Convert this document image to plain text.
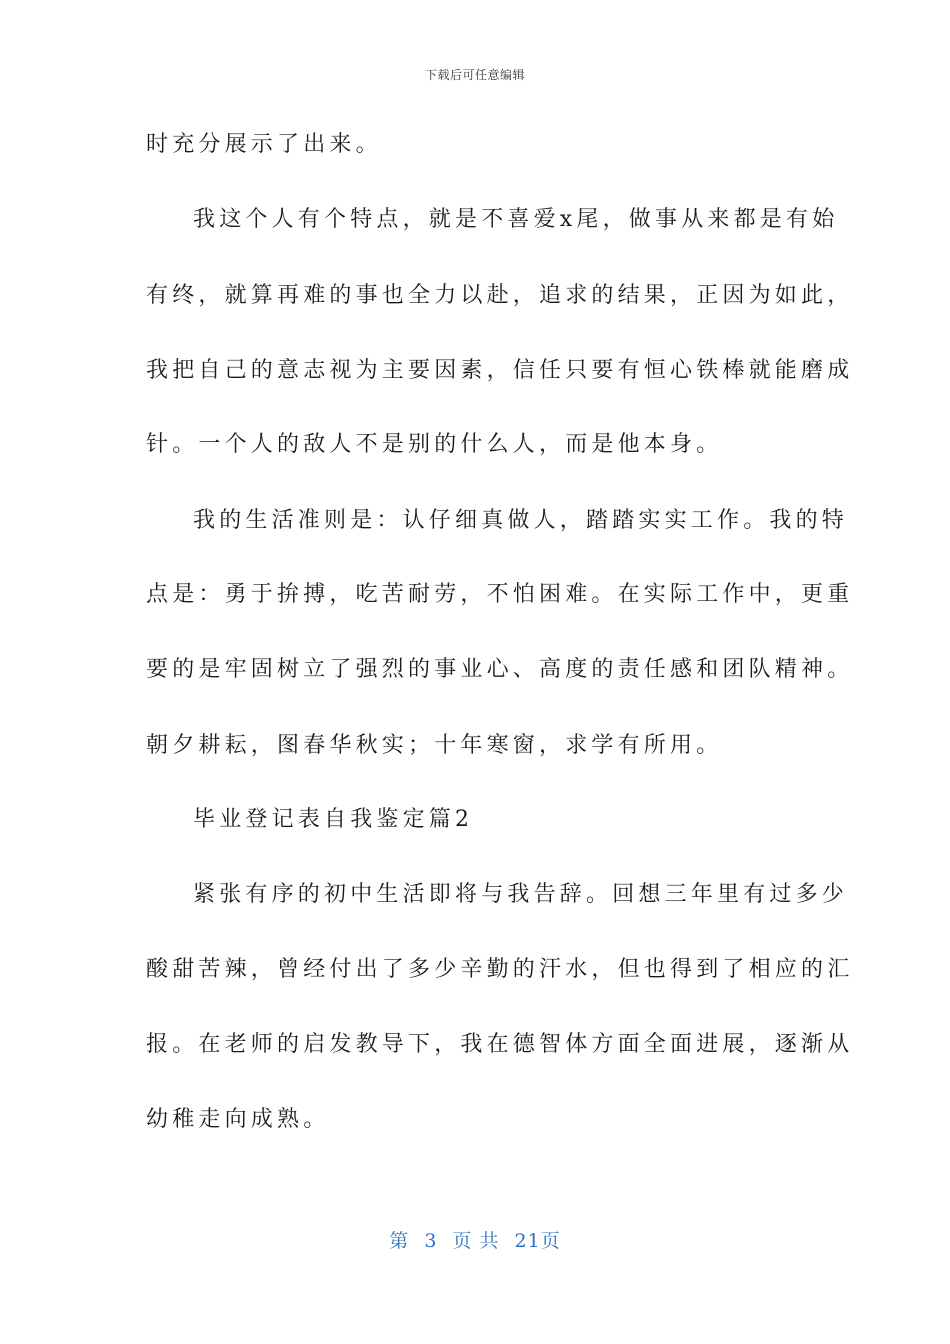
下载后可任意编辑
时充分展示了出来。
我这个人有个特点，就是不喜爱x尾，做事从来都是有始
有终，就算再难的事也全力以赴，追求的结果，正因为如此，
我把自己的意志视为主要因素，信任只要有恒心铁棒就能磨成
针。一个人的敌人不是别的什么人，而是他本身。
我的生活准则是：认仔细真做人，踏踏实实工作。我的特
点是：勇于拚搏，吃苦耐劳，不怕困难。在实际工作中，更重
要的是牢固树立了强烈的事业心、高度的责任感和团队精神。
朝夕耕耘，图春华秋实；十年寒窗，求学有所用。
毕业登记表自我鉴定篇2
紧张有序的初中生活即将与我告辞。回想三年里有过多少
酸甜苦辣，曾经付出了多少辛勤的汗水，但也得到了相应的汇
报。在老师的启发教导下，我在德智体方面全面进展，逐渐从
幼稚走向成熟。
第 3 页 共 21页
